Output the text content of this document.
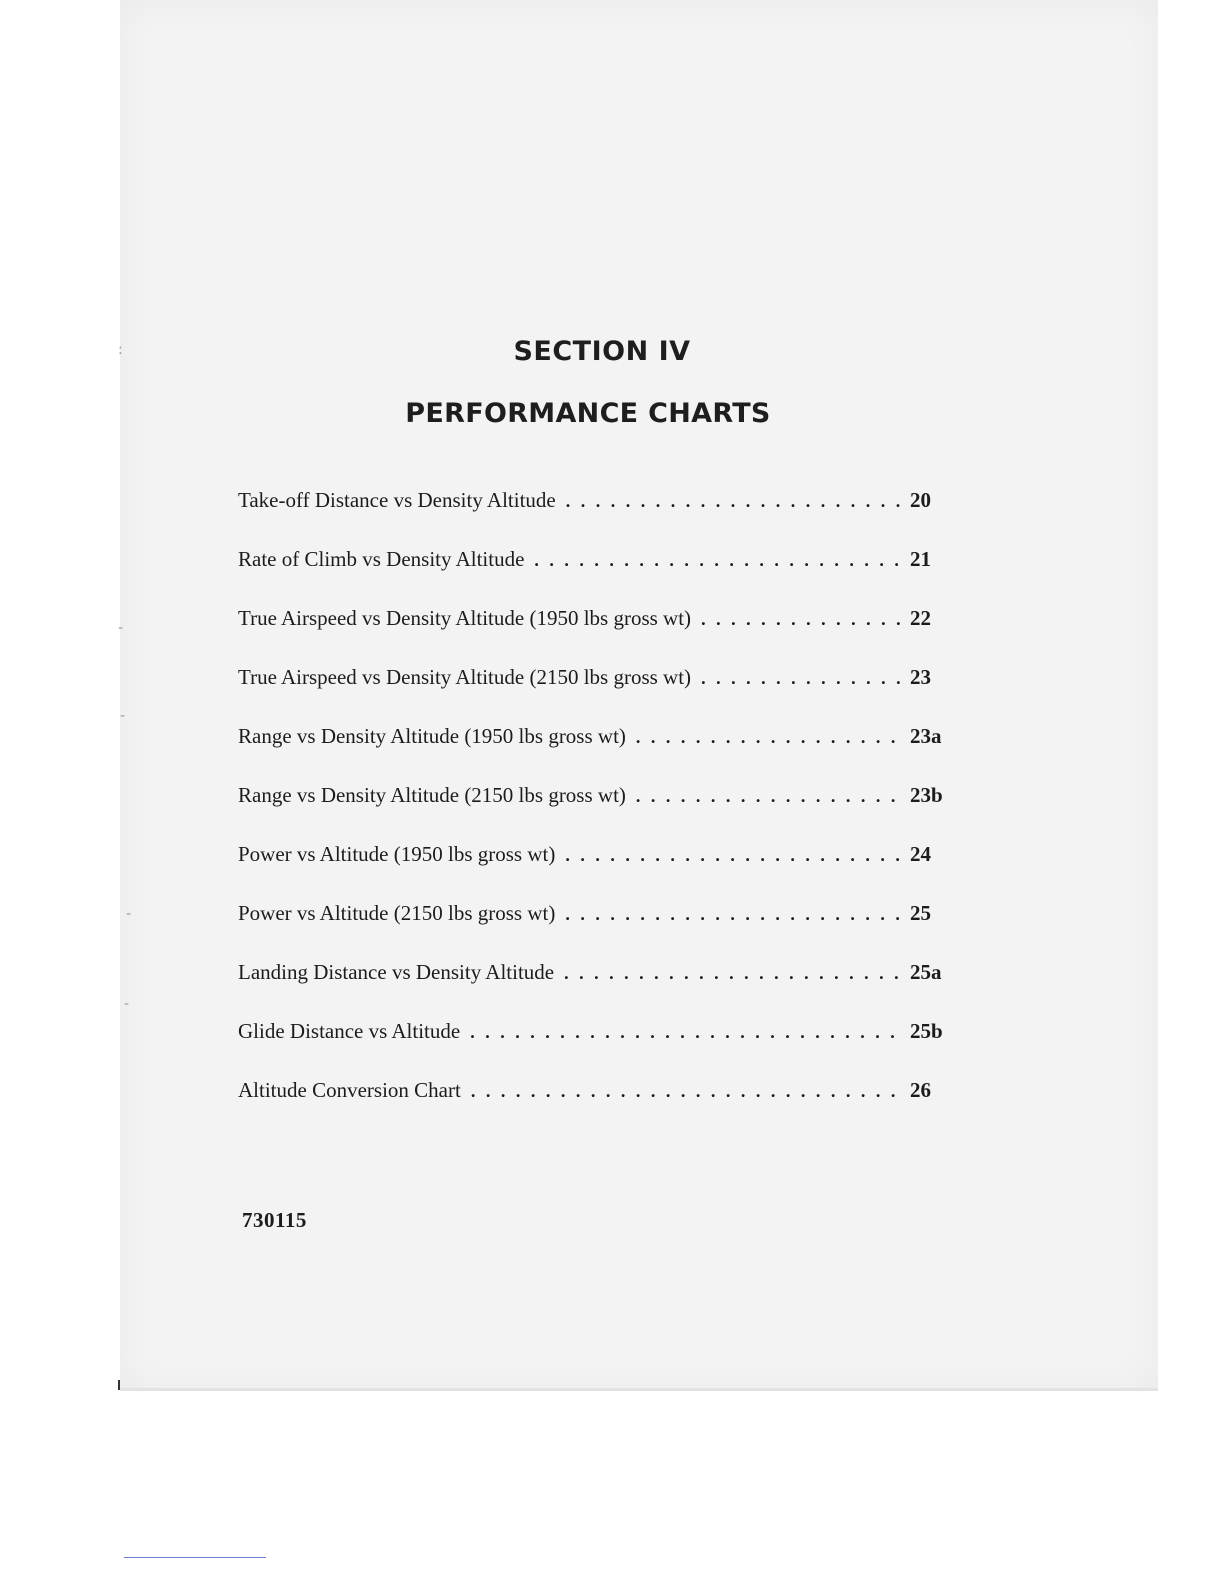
:
-
-
-
-
SECTION IV
PERFORMANCE CHARTS
Take-off Distance vs Density Altitude . . .	20
Rate of Climb vs Density Altitude . . .	21
True Airspeed vs Density Altitude (1950 lbs gross wt) . . .	22
True Airspeed vs Density Altitude (2150 lbs gross wt) . . .	23
Range vs Density Altitude (1950 lbs gross wt) . . .	23a
Range vs Density Altitude (2150 lbs gross wt) . . .	23b
Power vs Altitude (1950 lbs gross wt) . . .	24
Power vs Altitude (2150 lbs gross wt) . . .	25
Landing Distance vs Density Altitude . . .	25a
Glide Distance vs Altitude . . .	25b
Altitude Conversion Chart . . .	26
730115
